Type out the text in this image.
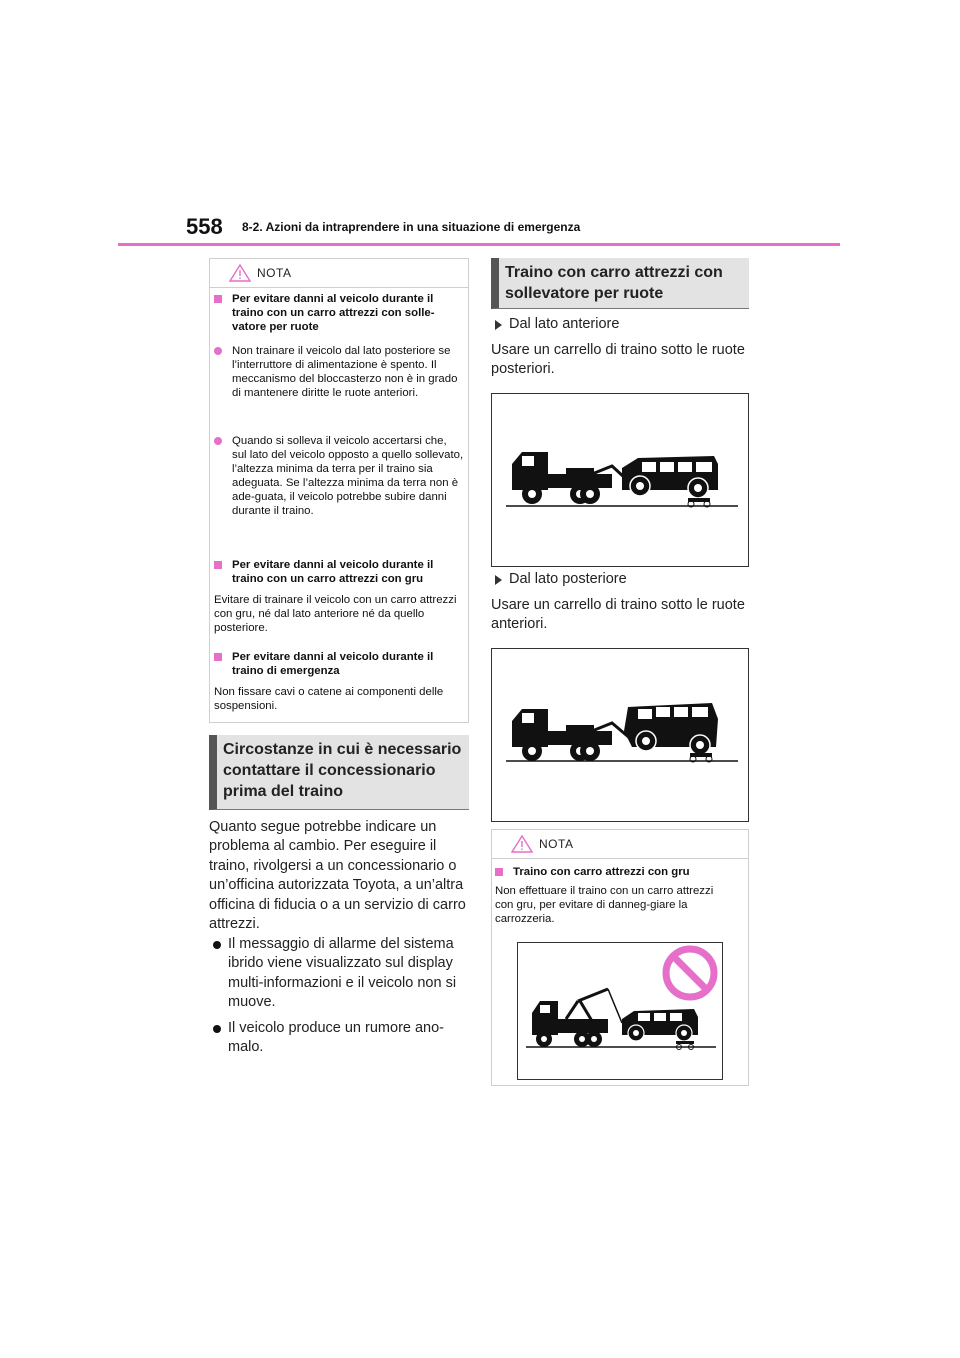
558 8-2. Azioni da intraprendere in una situazione di emergenza
NOTA
Per evitare danni al veicolo durante il traino con un carro attrezzi con solle-vatore per ruote
Non trainare il veicolo dal lato posteriore se l’interruttore di alimentazione è spento. Il meccanismo del bloccasterzo non è in grado di mantenere diritte le ruote anteriori.
Quando si solleva il veicolo accertarsi che, sul lato del veicolo opposto a quello sollevato, l’altezza minima da terra per il traino sia adeguata. Se l’altezza minima da terra non è ade-guata, il veicolo potrebbe subire danni durante il traino.
Per evitare danni al veicolo durante il traino con un carro attrezzi con gru
Evitare di trainare il veicolo con un carro attrezzi con gru, né dal lato anteriore né da quello posteriore.
Per evitare danni al veicolo durante il traino di emergenza
Non fissare cavi o catene ai componenti delle sospensioni.
Circostanze in cui è necessario contattare il concessionario prima del traino
Quanto segue potrebbe indicare un problema al cambio. Per eseguire il traino, rivolgersi a un concessionario o un’officina autorizzata Toyota, a un’altra officina di fiducia o a un servizio di carro attrezzi.
Il messaggio di allarme del sistema ibrido viene visualizzato sul display multi-informazioni e il veicolo non si muove.
Il veicolo produce un rumore ano-malo.
Traino con carro attrezzi con sollevatore per ruote
Dal lato anteriore
Usare un carrello di traino sotto le ruote posteriori.
Dal lato posteriore
Usare un carrello di traino sotto le ruote anteriori.
NOTA
Traino con carro attrezzi con gru
Non effettuare il traino con un carro attrezzi con gru, per evitare di danneg-giare la carrozzeria.
